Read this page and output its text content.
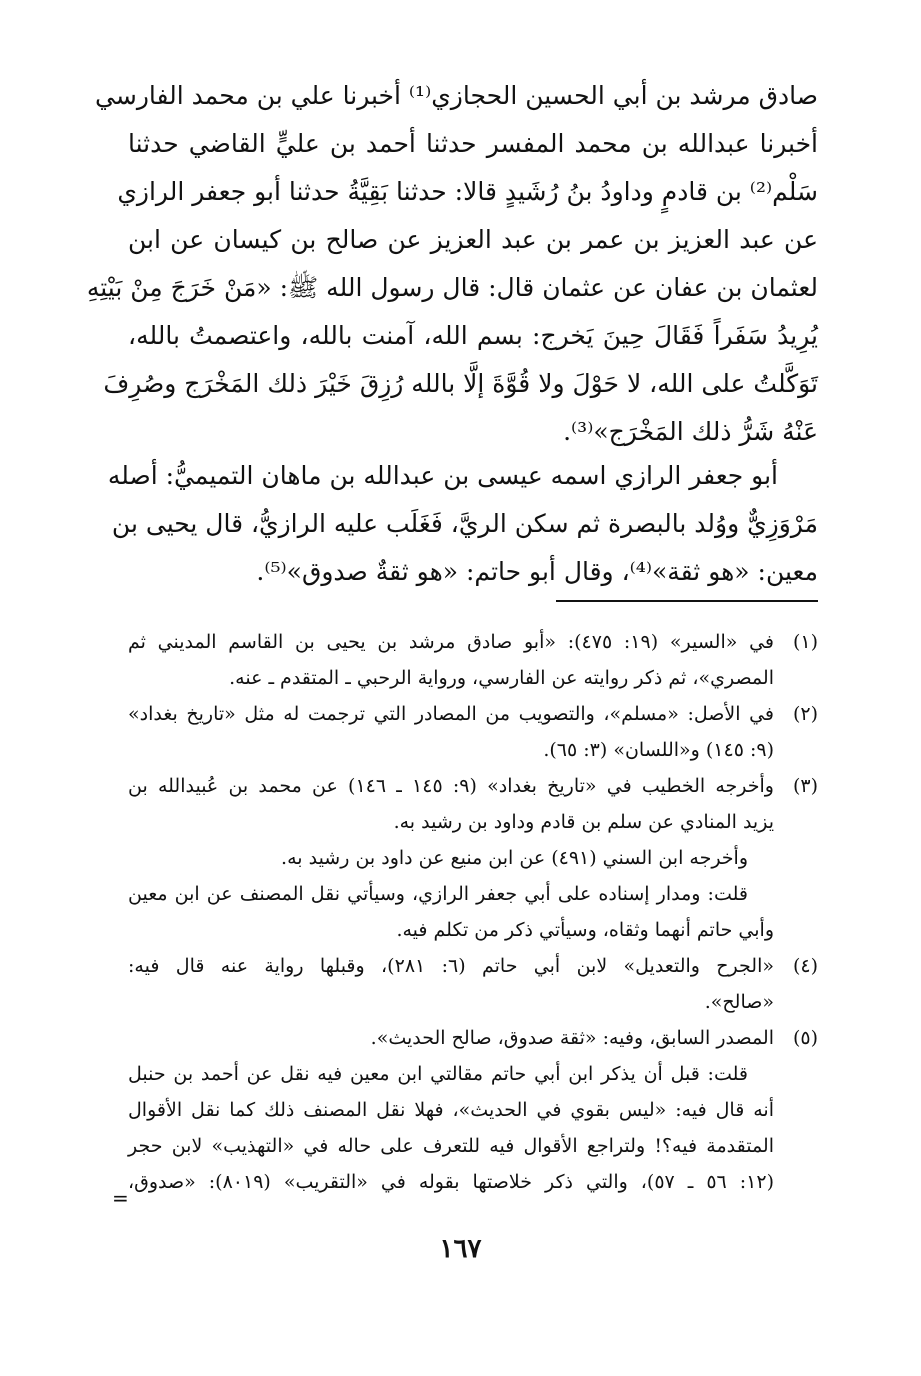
صادق مرشد بن أبي الحسين الحجازي⁽¹⁾ أخبرنا علي بن محمد الفارسي
أخبرنا عبدالله بن محمد المفسر حدثنا أحمد بن عليٍّ القاضي حدثنا
سَلْم⁽²⁾ بن قادمٍ وداودُ بنُ رُشَيدٍ قالا: حدثنا بَقِيَّةُ حدثنا أبو جعفر الرازي
عن عبد العزيز بن عمر بن عبد العزيز عن صالح بن كيسان عن ابن
لعثمان بن عفان عن عثمان قال: قال رسول الله ﷺ: «مَنْ خَرَجَ مِنْ بَيْتِهِ
يُرِيدُ سَفَراً فَقَالَ حِينَ يَخرج: بسم الله، آمنت بالله، واعتصمتُ بالله،
تَوَكَّلتُ على الله، لا حَوْلَ ولا قُوَّةَ إلَّا بالله رُزِقَ خَيْرَ ذلك المَخْرَج وصُرِفَ
عَنْهُ شَرُّ ذلك المَخْرَج»⁽³⁾.
أبو جعفر الرازي اسمه عيسى بن عبدالله بن ماهان التميميُّ: أصله
مَرْوَزِيٌّ ووُلد بالبصرة ثم سكن الريَّ، فَغَلَب عليه الرازيُّ، قال يحيى بن
معين: «هو ثقة»⁽⁴⁾، وقال أبو حاتم: «هو ثقةٌ صدوق»⁽⁵⁾.
(١)
في «السير» (١٩: ٤٧٥): «أبو صادق مرشد بن يحيى بن القاسم المديني ثم
المصري»، ثم ذكر روايته عن الفارسي، ورواية الرحبي ـ المتقدم ـ عنه.
(٢)
في الأصل: «مسلم»، والتصويب من المصادر التي ترجمت له مثل «تاريخ بغداد»
(٩: ١٤٥) و«اللسان» (٣: ٦٥).
(٣)
وأخرجه الخطيب في «تاريخ بغداد» (٩: ١٤٥ ـ ١٤٦) عن محمد بن عُبيدالله بن
يزيد المنادي عن سلم بن قادم وداود بن رشيد به.
وأخرجه ابن السني (٤٩١) عن ابن منيع عن داود بن رشيد به.
قلت: ومدار إسناده على أبي جعفر الرازي، وسيأتي نقل المصنف عن ابن معين
وأبي حاتم أنهما وثقاه، وسيأتي ذكر من تكلم فيه.
(٤)
«الجرح والتعديل» لابن أبي حاتم (٦: ٢٨١)، وقبلها رواية عنه قال فيه:
«صالح».
(٥)
المصدر السابق، وفيه: «ثقة صدوق، صالح الحديث».
قلت: قبل أن يذكر ابن أبي حاتم مقالتي ابن معين فيه نقل عن أحمد بن حنبل
أنه قال فيه: «ليس بقوي في الحديث»، فهلا نقل المصنف ذلك كما نقل الأقوال
المتقدمة فيه؟! ولتراجع الأقوال فيه للتعرف على حاله في «التهذيب» لابن حجر
(١٢: ٥٦ ـ ٥٧)، والتي ذكر خلاصتها بقوله في «التقريب» (٨٠١٩): «صدوق،
=
١٦٧
